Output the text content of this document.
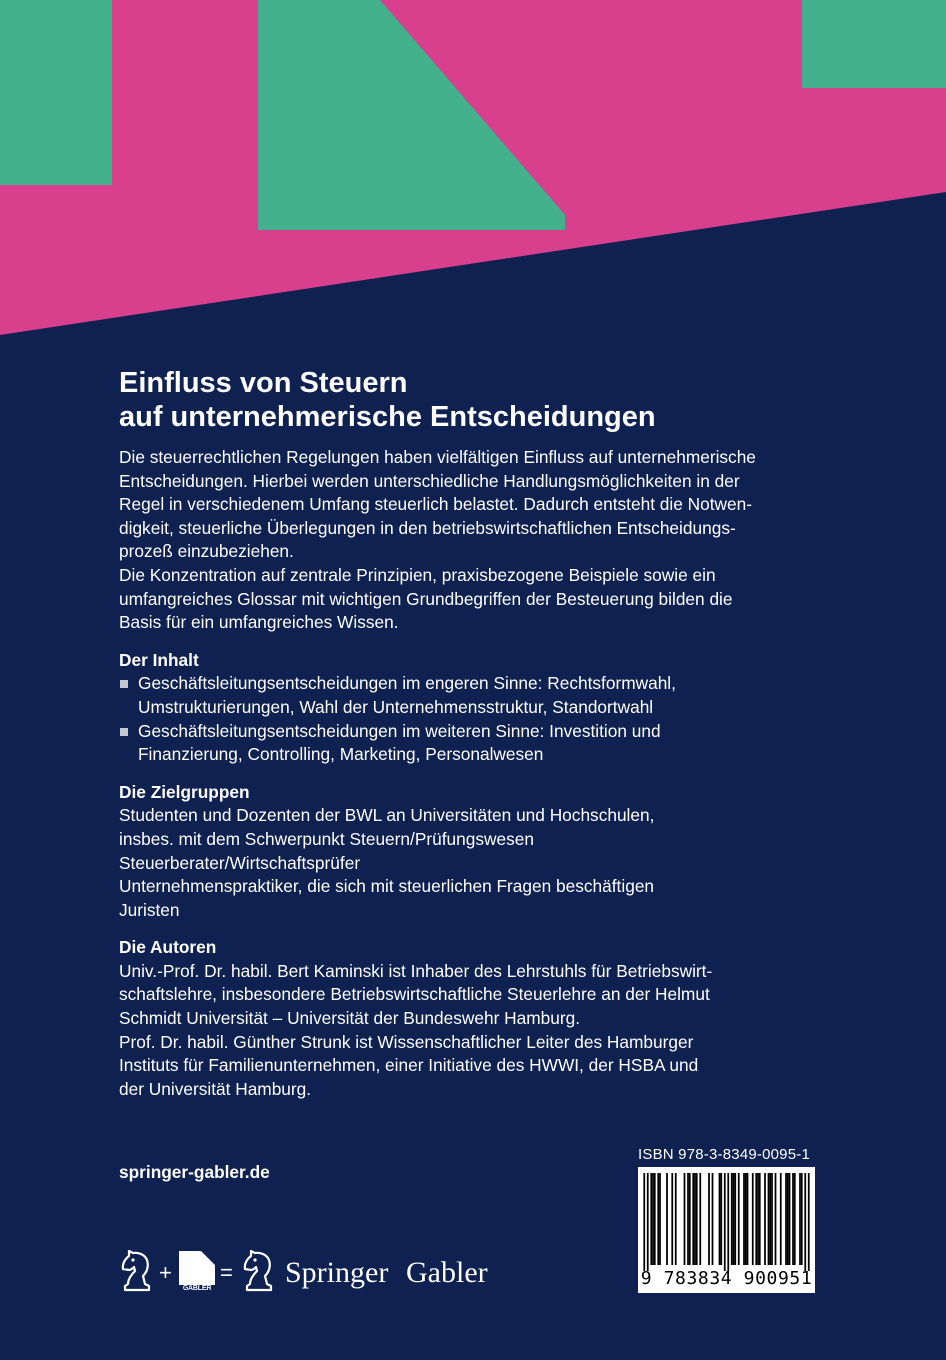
Einfluss von Steuern
auf unternehmerische Entscheidungen
Die steuerrechtlichen Regelungen haben vielfältigen Einfluss auf unternehmerische
Entscheidungen. Hierbei werden unterschiedliche Handlungsmöglichkeiten in der
Regel in verschiedenem Umfang steuerlich belastet. Dadurch entsteht die Notwen-
digkeit, steuerliche Überlegungen in den betriebswirtschaftlichen Entscheidungs-
prozeß einzubeziehen.
Die Konzentration auf zentrale Prinzipien, praxisbezogene Beispiele sowie ein
umfangreiches Glossar mit wichtigen Grundbegriffen der Besteuerung bilden die
Basis für ein umfangreiches Wissen.
Der Inhalt
Geschäftsleitungsentscheidungen im engeren Sinne: Rechtsformwahl,
Umstrukturierungen, Wahl der Unternehmensstruktur, Standortwahl
Geschäftsleitungsentscheidungen im weiteren Sinne: Investition und
Finanzierung, Controlling, Marketing, Personalwesen
Die Zielgruppen
Studenten und Dozenten der BWL an Universitäten und Hochschulen,
insbes. mit dem Schwerpunkt Steuern/Prüfungswesen
Steuerberater/Wirtschaftsprüfer
Unternehmenspraktiker, die sich mit steuerlichen Fragen beschäftigen
Juristen
Die Autoren
Univ.-Prof. Dr. habil. Bert Kaminski ist Inhaber des Lehrstuhls für Betriebswirt-
schaftslehre, insbesondere Betriebswirtschaftliche Steuerlehre an der Helmut
Schmidt Universität – Universität der Bundeswehr Hamburg.
Prof. Dr. habil. Günther Strunk ist Wissenschaftlicher Leiter des Hamburger
Instituts für Familienunternehmen, einer Initiative des HWWI, der HSBA und
der Universität Hamburg.
springer-gabler.de
ISBN 978-3-8349-0095-1
9 783834 900951
+
GABLER
= Springer Gabler
